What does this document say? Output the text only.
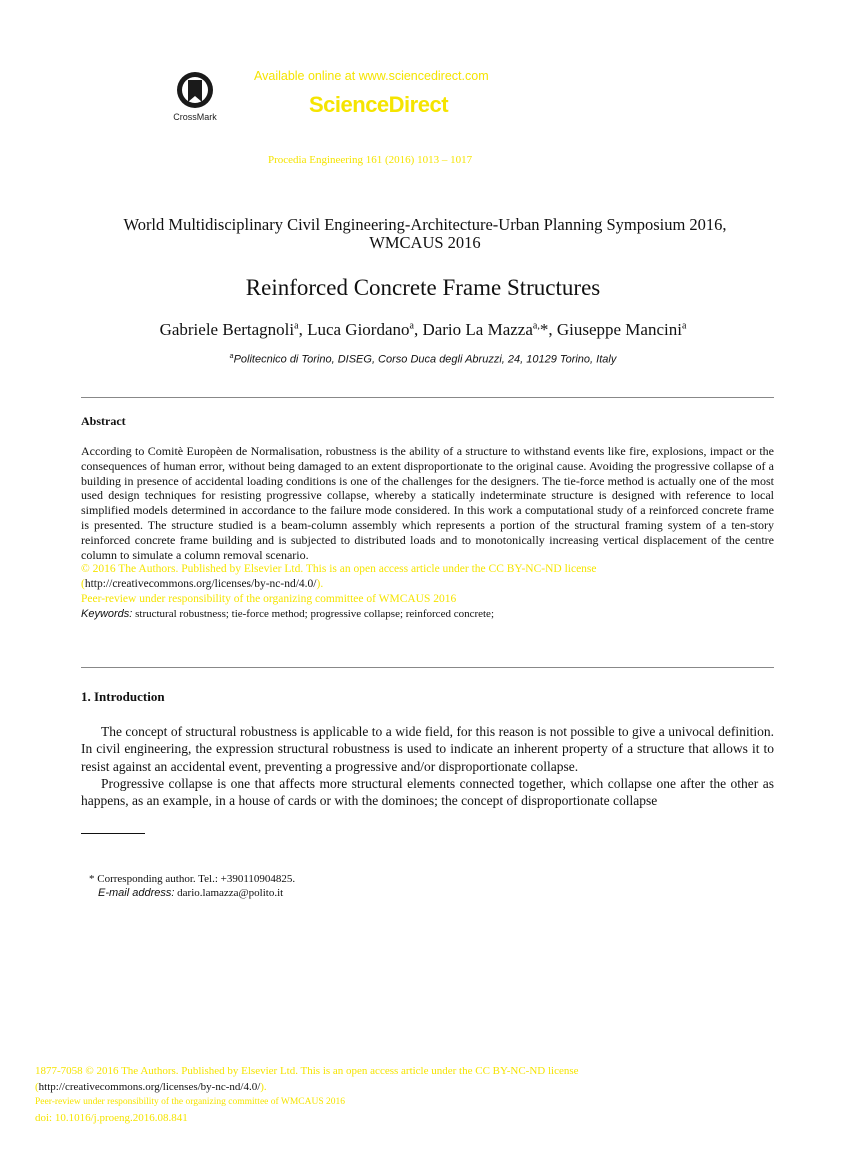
CrossMark
Available online at www.sciencedirect.com
ScienceDirect
Procedia Engineering 161 (2016) 1013 – 1017
World Multidisciplinary Civil Engineering-Architecture-Urban Planning Symposium 2016,
WMCAUS 2016
Reinforced Concrete Frame Structures
Gabriele Bertagnoli$^a$, Luca Giordano$^a$, Dario La Mazza$^{a,}$*, Giuseppe Mancini$^a$
$^a$Politecnico di Torino, DISEG, Corso Duca degli Abruzzi, 24, 10129 Torino, Italy
Abstract
According to Comitè Europèen de Normalisation, robustness is the ability of a structure to withstand events like fire, explosions, impact or the consequences of human error, without being damaged to an extent disproportionate to the original cause. Avoiding the progressive collapse of a building in presence of accidental loading conditions is one of the challenges for the designers. The tie-force method is actually one of the most used design techniques for resisting progressive collapse, whereby a statically indeterminate structure is designed with reference to local simplified models determined in accordance to the failure mode considered. In this work a computational study of a reinforced concrete frame is presented. The structure studied is a beam-column assembly which represents a portion of the structural framing system of a ten-story reinforced concrete frame building and is subjected to distributed loads and to monotonically increasing vertical displacement of the centre column to simulate a column removal scenario.
© 2016 The Authors. Published by Elsevier Ltd. This is an open access article under the CC BY-NC-ND license
(http://creativecommons.org/licenses/by-nc-nd/4.0/).
Peer-review under responsibility of the organizing committee of WMCAUS 2016
Keywords: structural robustness; tie-force method; progressive collapse; reinforced concrete;
1. Introduction

The concept of structural robustness is applicable to a wide field, for this reason is not possible to give a univocal definition. In civil engineering, the expression structural robustness is used to indicate an inherent property of a structure that allows it to resist against an accidental event, preventing a progressive and/or disproportionate collapse.

Progressive collapse is one that affects more structural elements connected together, which collapse one after the other as happens, as an example, in a house of cards or with the dominoes; the concept of disproportionate collapse

* Corresponding author. Tel.: +390110904825.
E-mail address: dario.lamazza@polito.it
1877-7058 © 2016 The Authors. Published by Elsevier Ltd. This is an open access article under the CC BY-NC-ND license
(http://creativecommons.org/licenses/by-nc-nd/4.0/).
Peer-review under responsibility of the organizing committee of WMCAUS 2016
doi: 10.1016/j.proeng.2016.08.841
